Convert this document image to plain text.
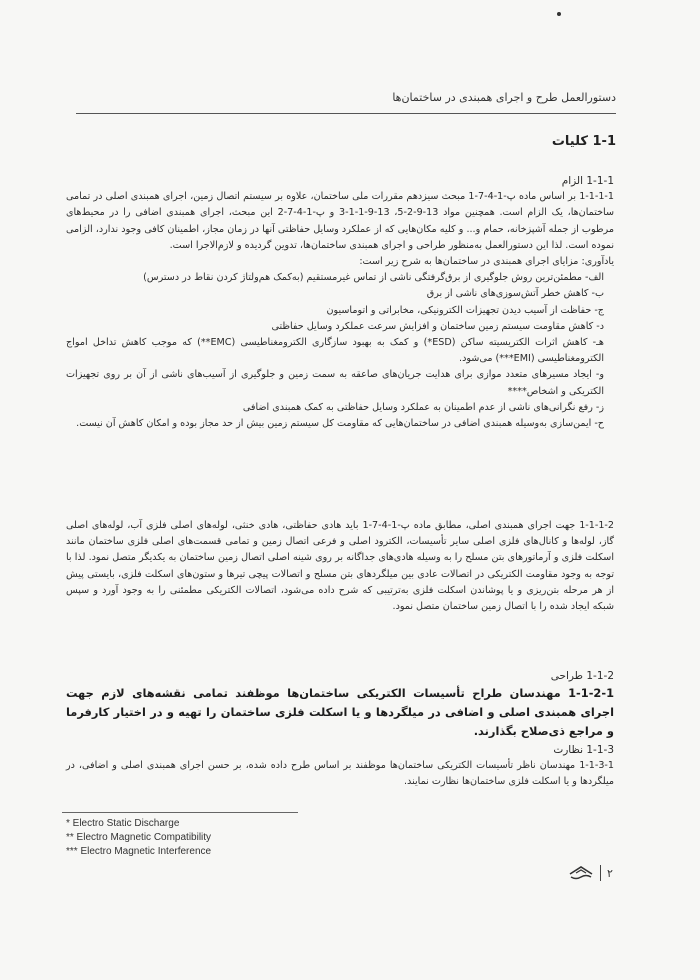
دستورالعمل طرح و اجرای همبندی در ساختمان‌ها
1-1 کلیات

1-1-1 الزام

1-1-1-1 بر اساس ماده پ-1-4-7-1 مبحث سیزدهم مقررات ملی ساختمان، علاوه بر سیستم اتصال زمین، اجرای همبندی اصلی در تمامی ساختمان‌ها، یک الزام است. همچنین مواد 13-9-2-5، 13-9-1-1-3 و پ-1-4-7-2 این مبحث، اجرای همبندی اضافی را در محیط‌های مرطوب از جمله آشپزخانه، حمام و... و کلیه مکان‌هایی که از عملکرد وسایل حفاظتی آنها در زمان مجاز، اطمینان کافی وجود ندارد، الزامی نموده است. لذا این دستورالعمل به‌منظور طراحی و اجرای همبندی ساختمان‌ها، تدوین گردیده و لازم‌الاجرا است.

یادآوری: مزایای اجرای همبندی در ساختمان‌ها به شرح زیر است:

الف- مطمئن‌ترین روش جلوگیری از برق‌گرفتگی ناشی از تماس غیرمستقیم (به‌کمک هم‌ولتاژ کردن نقاط در دسترس)

ب- کاهش خطر آتش‌سوزی‌های ناشی از برق

ج- حفاظت از آسیب دیدن تجهیزات الکترونیکی، مخابراتی و اتوماسیون

د- کاهش مقاومت سیستم زمین ساختمان و افزایش سرعت عملکرد وسایل حفاظتی

هـ- کاهش اثرات الکتریسیته ساکن (ESD*) و کمک به بهبود سازگاری الکترومغناطیسی (EMC**) که موجب کاهش تداخل امواج الکترومغناطیسی (EMI***) می‌شود.

و- ایجاد مسیرهای متعدد موازی برای هدایت جریان‌های صاعقه به سمت زمین و جلوگیری از آسیب‌های ناشی از آن بر روی تجهیزات الکتریکی و اشخاص****

ز- رفع نگرانی‌های ناشی از عدم اطمینان به عملکرد وسایل حفاظتی به کمک همبندی اضافی

ح- ایمن‌سازی به‌وسیله همبندی اضافی در ساختمان‌هایی که مقاومت کل سیستم زمین بیش از حد مجاز بوده و امکان کاهش آن نیست.

1-1-1-2 جهت اجرای همبندی اصلی، مطابق ماده پ-1-4-7-1 باید هادی حفاظتی، هادی خنثی، لوله‌های اصلی فلزی آب، لوله‌های اصلی گاز، لوله‌ها و کانال‌های فلزی اصلی سایر تأسیسات، الکترود اصلی و فرعی اتصال زمین و تمامی قسمت‌های اصلی فلزی ساختمان مانند اسکلت فلزی و آرماتورهای بتن مسلح را به وسیله هادی‌های جداگانه بر روی شینه اصلی اتصال زمین ساختمان به یکدیگر متصل نمود. لذا با توجه به وجود مقاومت الکتریکی در اتصالات عادی بین میلگردهای بتن مسلح و اتصالات پیچی تیرها و ستون‌های اسکلت فلزی، بایستی پیش از هر مرحله بتن‌ریزی و یا پوشاندن اسکلت فلزی به‌ترتیبی که شرح داده می‌شود، اتصالات الکتریکی مطمئنی را به وجود آورد و سپس شبکه ایجاد شده را با اتصال زمین ساختمان متصل نمود.

1-1-2 طراحی

1-1-2-1 مهندسان طراح تأسیسات الکتریکی ساختمان‌ها موظفند تمامی نقشه‌های لازم جهت اجرای همبندی اصلی و اضافی در میلگردها و یا اسکلت فلزی ساختمان را تهیه و در اختیار کارفرما و مراجع ذی‌صلاح بگذارند.

1-1-3 نظارت

1-1-3-1 مهندسان ناظر تأسیسات الکتریکی ساختمان‌ها موظفند بر اساس طرح داده شده، بر حسن اجرای همبندی اصلی و اضافی، در میلگردها و یا اسکلت فلزی ساختمان‌ها نظارت نمایند.

* Electro Static Discharge
** Electro Magnetic Compatibility
*** Electro Magnetic Interference
۲
